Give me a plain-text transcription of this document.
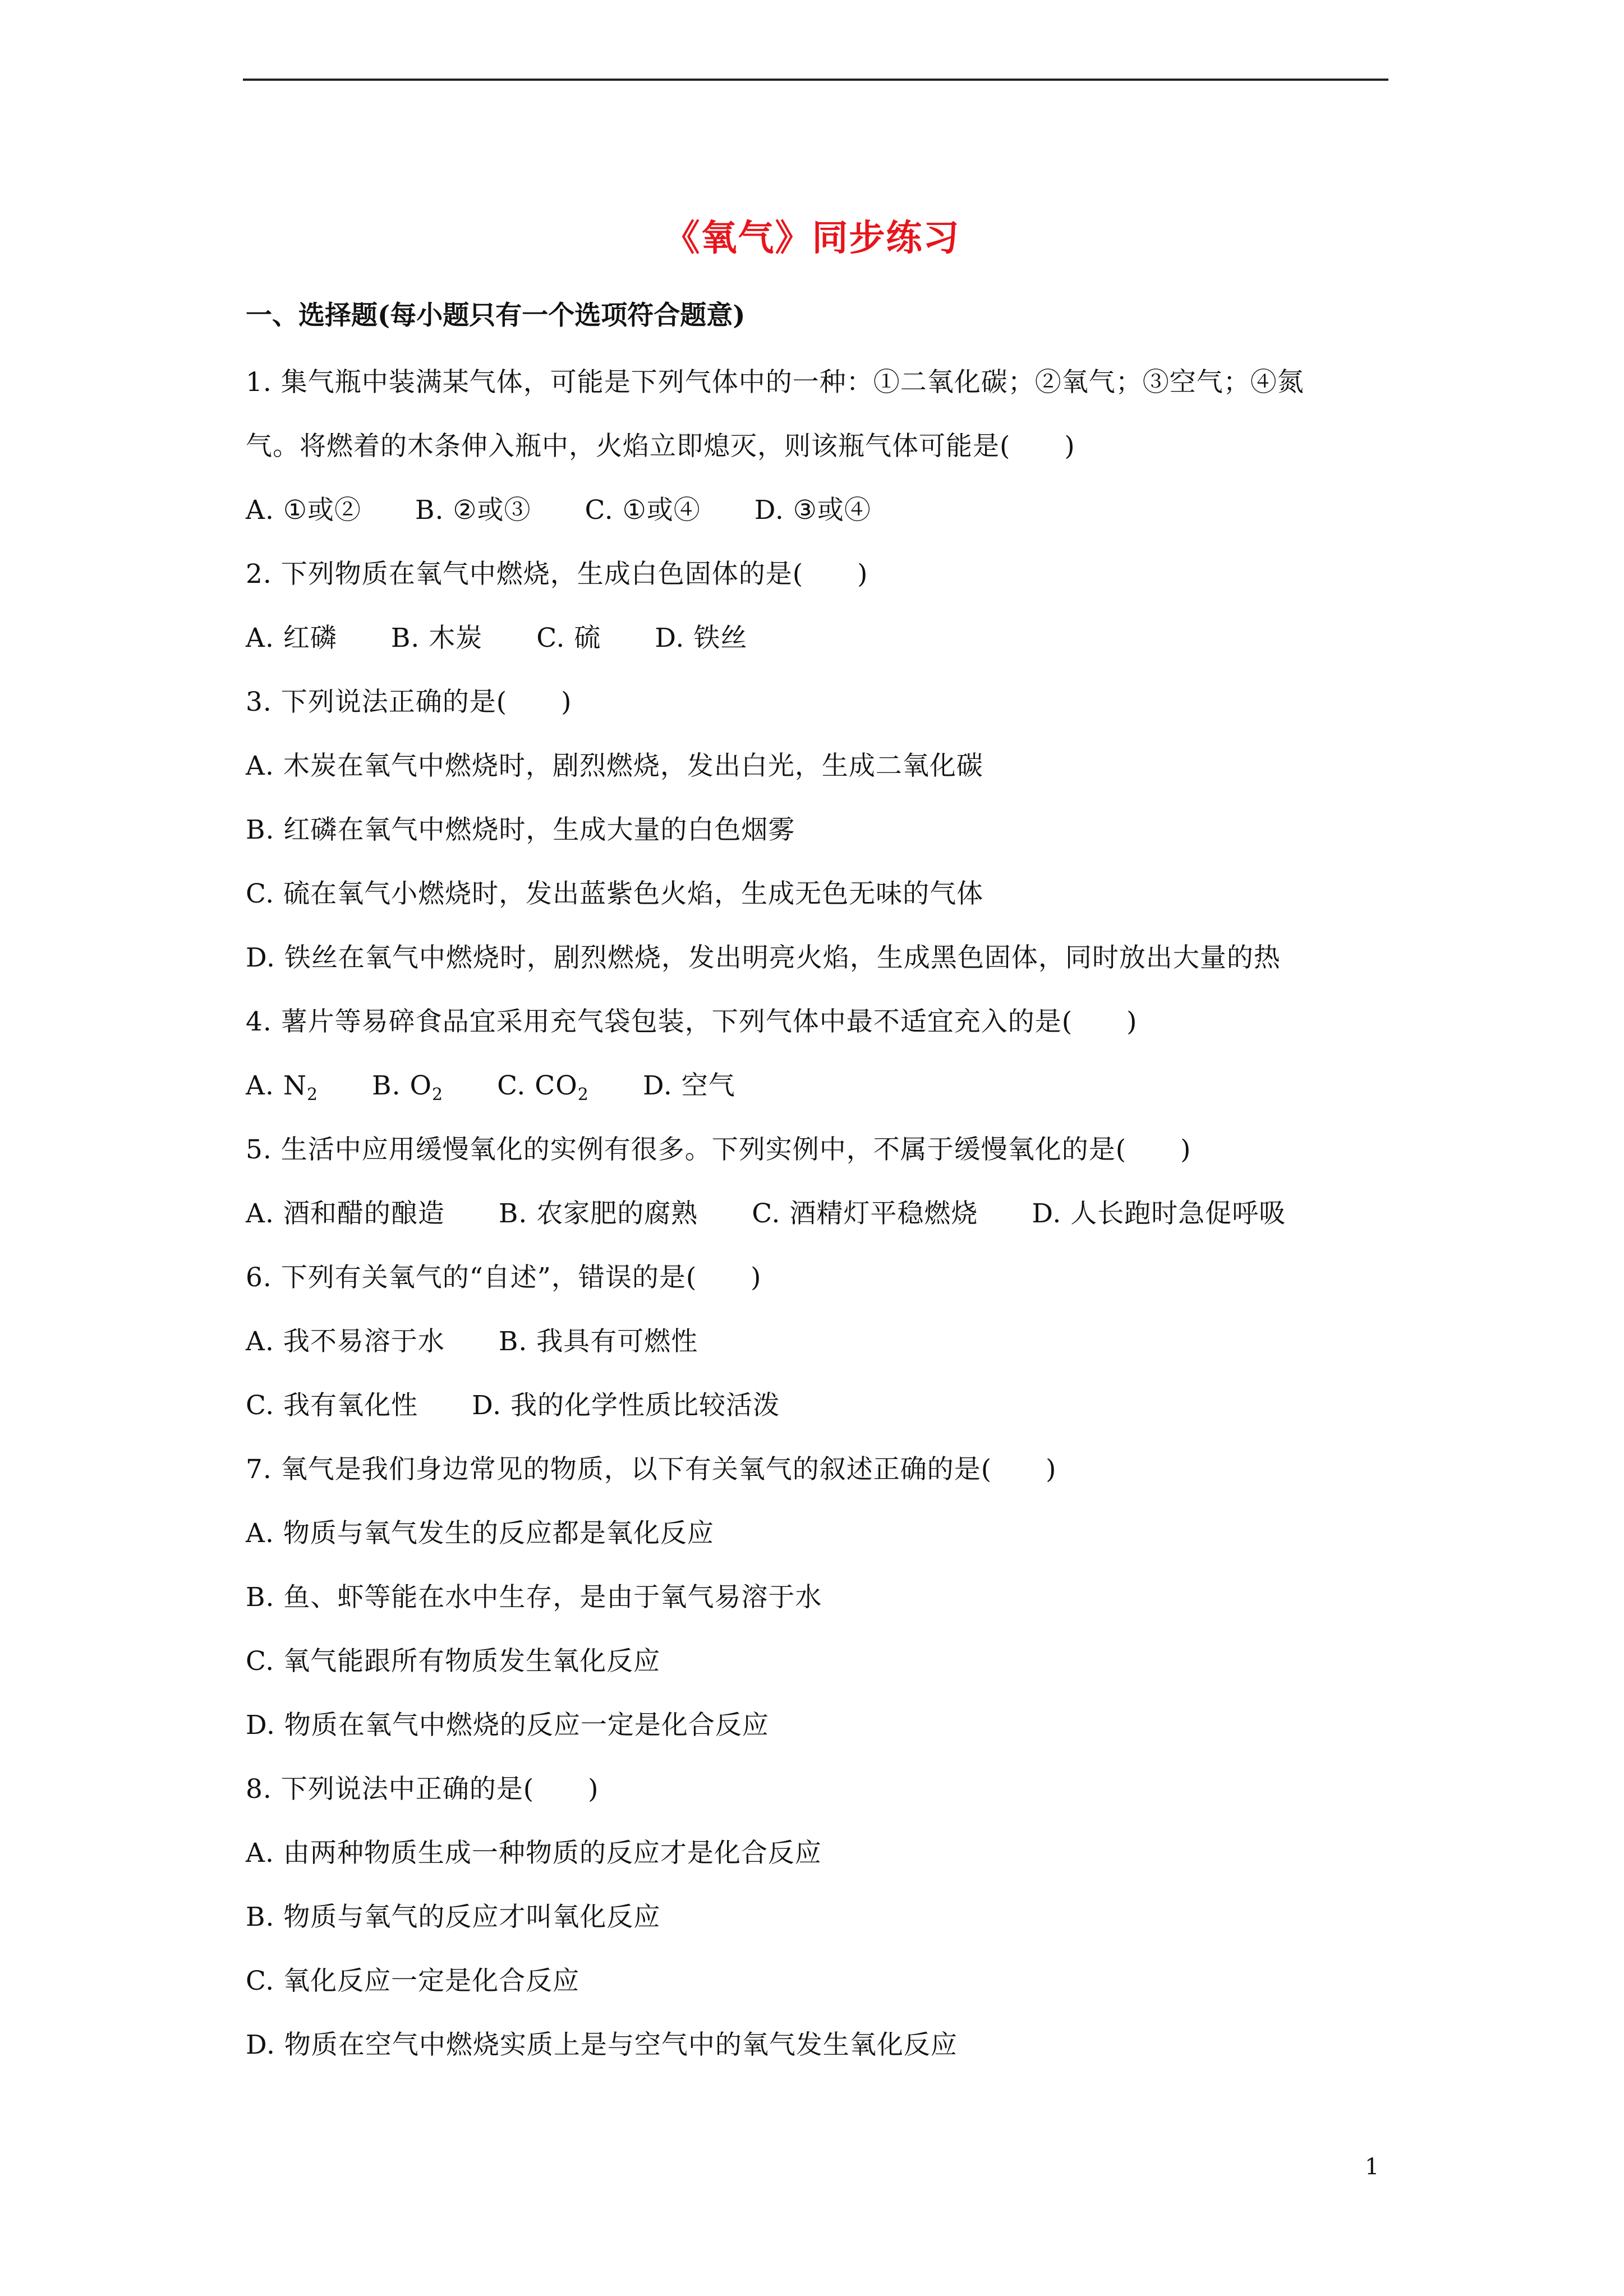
《氧气》同步练习
一、选择题(每小题只有一个选项符合题意)
1. 集气瓶中装满某气体，可能是下列气体中的一种：①二氧化碳；②氧气；③空气；④氮
气。将燃着的木条伸入瓶中，火焰立即熄灭，则该瓶气体可能是(　　)
A. ①或②　　B. ②或③　　C. ①或④　　D. ③或④
2. 下列物质在氧气中燃烧，生成白色固体的是(　　)
A. 红磷　　B. 木炭　　C. 硫　　D. 铁丝
3. 下列说法正确的是(　　)
A. 木炭在氧气中燃烧时，剧烈燃烧，发出白光，生成二氧化碳
B. 红磷在氧气中燃烧时，生成大量的白色烟雾
C. 硫在氧气小燃烧时，发出蓝紫色火焰，生成无色无味的气体
D. 铁丝在氧气中燃烧时，剧烈燃烧，发出明亮火焰，生成黑色固体，同时放出大量的热
4. 薯片等易碎食品宜采用充气袋包装，下列气体中最不适宜充入的是(　　)
A. $N_2$　　 B. $O_2$　　 C. $CO_2$　　 D. 空气
5. 生活中应用缓慢氧化的实例有很多。下列实例中，不属于缓慢氧化的是(　　)
A. 酒和醋的酿造　　B. 农家肥的腐熟　　C. 酒精灯平稳燃烧　　D. 人长跑时急促呼吸
6. 下列有关氧气的“自述”，错误的是(　　)
A. 我不易溶于水　　B. 我具有可燃性
C. 我有氧化性　　D. 我的化学性质比较活泼
7. 氧气是我们身边常见的物质，以下有关氧气的叙述正确的是(　　)
A. 物质与氧气发生的反应都是氧化反应
B. 鱼、虾等能在水中生存，是由于氧气易溶于水
C. 氧气能跟所有物质发生氧化反应
D. 物质在氧气中燃烧的反应一定是化合反应
8. 下列说法中正确的是(　　)
A. 由两种物质生成一种物质的反应才是化合反应
B. 物质与氧气的反应才叫氧化反应
C. 氧化反应一定是化合反应
D. 物质在空气中燃烧实质上是与空气中的氧气发生氧化反应
1
